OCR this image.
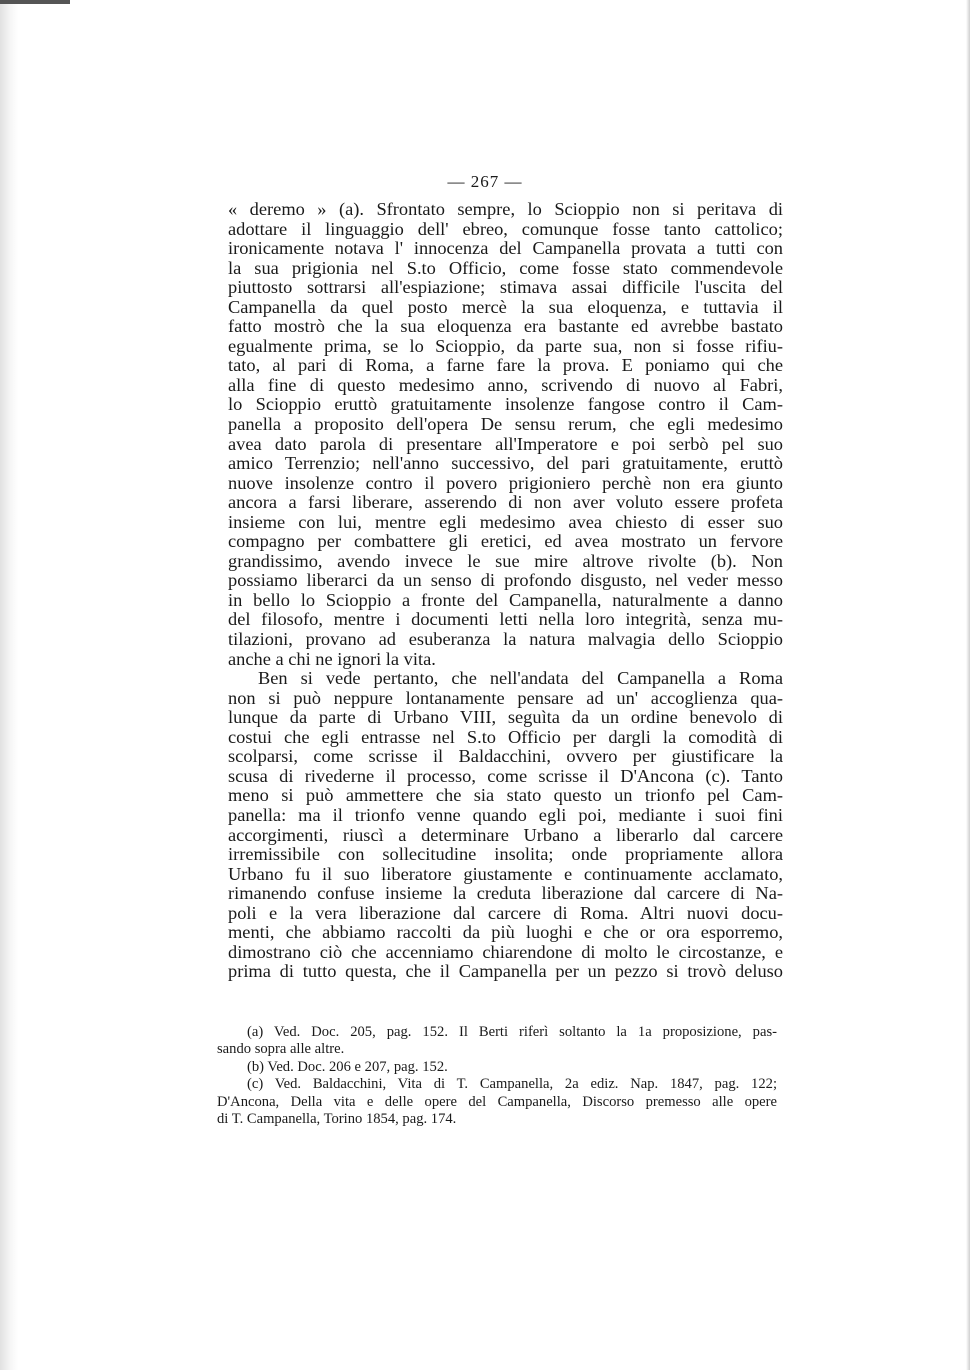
— 267 —
« deremo » (a). Sfrontato sempre, lo Scioppio non si peritava di
adottare il linguaggio dell' ebreo, comunque fosse tanto cattolico;
ironicamente notava l' innocenza del Campanella provata a tutti con
la sua prigionia nel S.to Officio, come fosse stato commendevole
piuttosto sottrarsi all'espiazione; stimava assai difficile l'uscita del
Campanella da quel posto mercè la sua eloquenza, e tuttavia il
fatto mostrò che la sua eloquenza era bastante ed avrebbe bastato
egualmente prima, se lo Scioppio, da parte sua, non si fosse rifiu-
tato, al pari di Roma, a farne fare la prova. E poniamo qui che
alla fine di questo medesimo anno, scrivendo di nuovo al Fabri,
lo Scioppio eruttò gratuitamente insolenze fangose contro il Cam-
panella a proposito dell'opera De sensu rerum, che egli medesimo
avea dato parola di presentare all'Imperatore e poi serbò pel suo
amico Terrenzio; nell'anno successivo, del pari gratuitamente, eruttò
nuove insolenze contro il povero prigioniero perchè non era giunto
ancora a farsi liberare, asserendo di non aver voluto essere profeta
insieme con lui, mentre egli medesimo avea chiesto di esser suo
compagno per combattere gli eretici, ed avea mostrato un fervore
grandissimo, avendo invece le sue mire altrove rivolte (b). Non
possiamo liberarci da un senso di profondo disgusto, nel veder messo
in bello lo Scioppio a fronte del Campanella, naturalmente a danno
del filosofo, mentre i documenti letti nella loro integrità, senza mu-
tilazioni, provano ad esuberanza la natura malvagia dello Scioppio
anche a chi ne ignori la vita.
Ben si vede pertanto, che nell'andata del Campanella a Roma
non si può neppure lontanamente pensare ad un' accoglienza qua-
lunque da parte di Urbano VIII, seguìta da un ordine benevolo di
costui che egli entrasse nel S.to Officio per dargli la comodità di
scolparsi, come scrisse il Baldacchini, ovvero per giustificare la
scusa di rivederne il processo, come scrisse il D'Ancona (c). Tanto
meno si può ammettere che sia stato questo un trionfo pel Cam-
panella: ma il trionfo venne quando egli poi, mediante i suoi fini
accorgimenti, riuscì a determinare Urbano a liberarlo dal carcere
irremissibile con sollecitudine insolita; onde propriamente allora
Urbano fu il suo liberatore giustamente e continuamente acclamato,
rimanendo confuse insieme la creduta liberazione dal carcere di Na-
poli e la vera liberazione dal carcere di Roma. Altri nuovi docu-
menti, che abbiamo raccolti da più luoghi e che or ora esporremo,
dimostrano ciò che accenniamo chiarendone di molto le circostanze, e
prima di tutto questa, che il Campanella per un pezzo si trovò deluso
(a) Ved. Doc. 205, pag. 152. Il Berti riferì soltanto la 1a proposizione, pas-
sando sopra alle altre.
(b) Ved. Doc. 206 e 207, pag. 152.
(c) Ved. Baldacchini, Vita di T. Campanella, 2a ediz. Nap. 1847, pag. 122;
D'Ancona, Della vita e delle opere del Campanella, Discorso premesso alle opere
di T. Campanella, Torino 1854, pag. 174.
